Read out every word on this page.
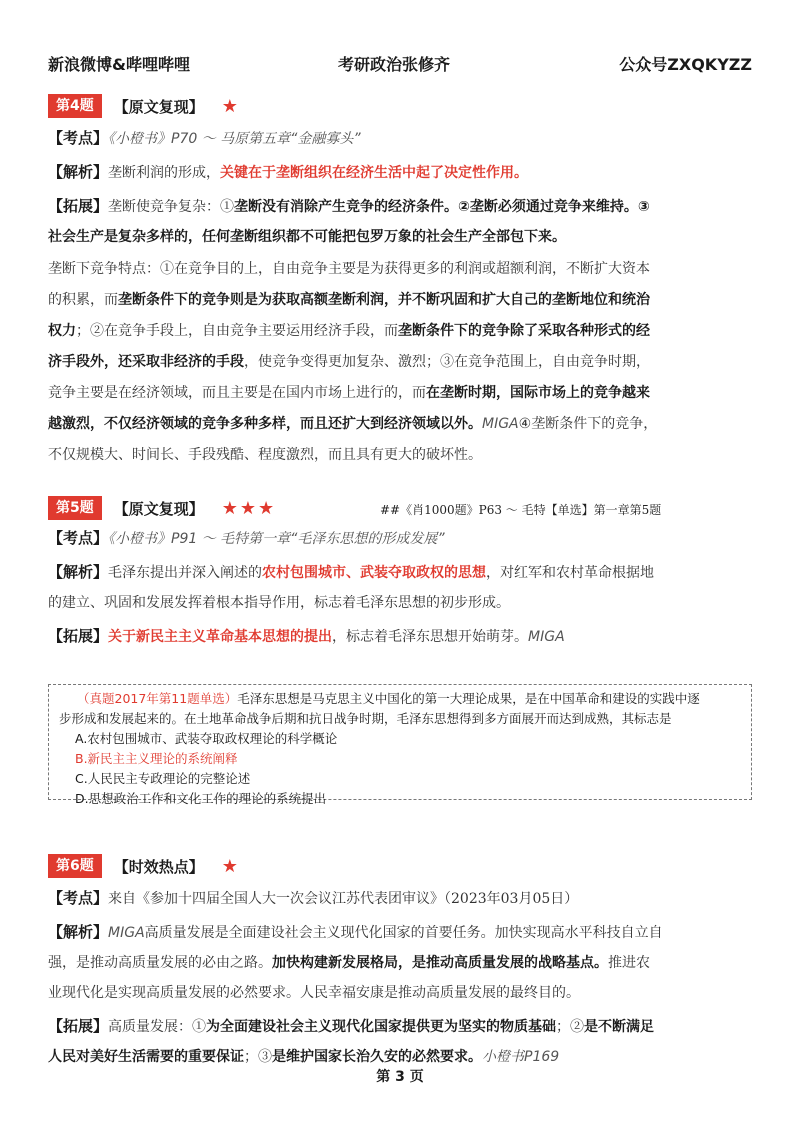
新浪微博&哔哩哔哩	考研政治张修齐	公众号ZXQKYZZ
第4题	【原文复现】 ★
【考点】《小橙书》P70 ～ 马原第五章“金融寡头”
【解析】垄断利润的形成，关键在于垄断组织在经济生活中起了决定性作用。
【拓展】垄断使竞争复杂：①垄断没有消除产生竞争的经济条件。②垄断必须通过竞争来维持。③
社会生产是复杂多样的，任何垄断组织都不可能把包罗万象的社会生产全部包下来。
垄断下竞争特点：①在竞争目的上，自由竞争主要是为获得更多的利润或超额利润，不断扩大资本
的积累，而垄断条件下的竞争则是为获取高额垄断利润，并不断巩固和扩大自己的垄断地位和统治
权力；②在竞争手段上，自由竞争主要运用经济手段，而垄断条件下的竞争除了采取各种形式的经
济手段外，还采取非经济的手段，使竞争变得更加复杂、激烈；③在竞争范围上，自由竞争时期，
竞争主要是在经济领域，而且主要是在国内市场上进行的，而在垄断时期，国际市场上的竞争越来
越激烈，不仅经济领域的竞争多种多样，而且还扩大到经济领域以外。MIGA④垄断条件下的竞争，
不仅规模大、时间长、手段残酷、程度激烈，而且具有更大的破坏性。
第5题	【原文复现】 ★★★	##《肖1000题》P63 ～ 毛特【单选】第一章第5题
【考点】《小橙书》P91 ～ 毛特第一章“毛泽东思想的形成发展”
【解析】毛泽东提出并深入阐述的农村包围城市、武装夺取政权的思想，对红军和农村革命根据地
的建立、巩固和发展发挥着根本指导作用，标志着毛泽东思想的初步形成。
【拓展】关于新民主主义革命基本思想的提出，标志着毛泽东思想开始萌芽。MIGA
（真题2017年第11题单选）毛泽东思想是马克思主义中国化的第一大理论成果，是在中国革命和建设的实践中逐
步形成和发展起来的。在土地革命战争后期和抗日战争时期，毛泽东思想得到多方面展开而达到成熟，其标志是
A.农村包围城市、武装夺取政权理论的科学概论
B.新民主主义理论的系统阐释
C.人民民主专政理论的完整论述
D.思想政治工作和文化工作的理论的系统提出
第6题	【时效热点】 ★
【考点】来自《参加十四届全国人大一次会议江苏代表团审议》（2023年03月05日）
【解析】MIGA高质量发展是全面建设社会主义现代化国家的首要任务。加快实现高水平科技自立自
强，是推动高质量发展的必由之路。加快构建新发展格局，是推动高质量发展的战略基点。推进农
业现代化是实现高质量发展的必然要求。人民幸福安康是推动高质量发展的最终目的。
【拓展】高质量发展：①为全面建设社会主义现代化国家提供更为坚实的物质基础；②是不断满足
人民对美好生活需要的重要保证；③是维护国家长治久安的必然要求。小橙书P169
第 3 页
